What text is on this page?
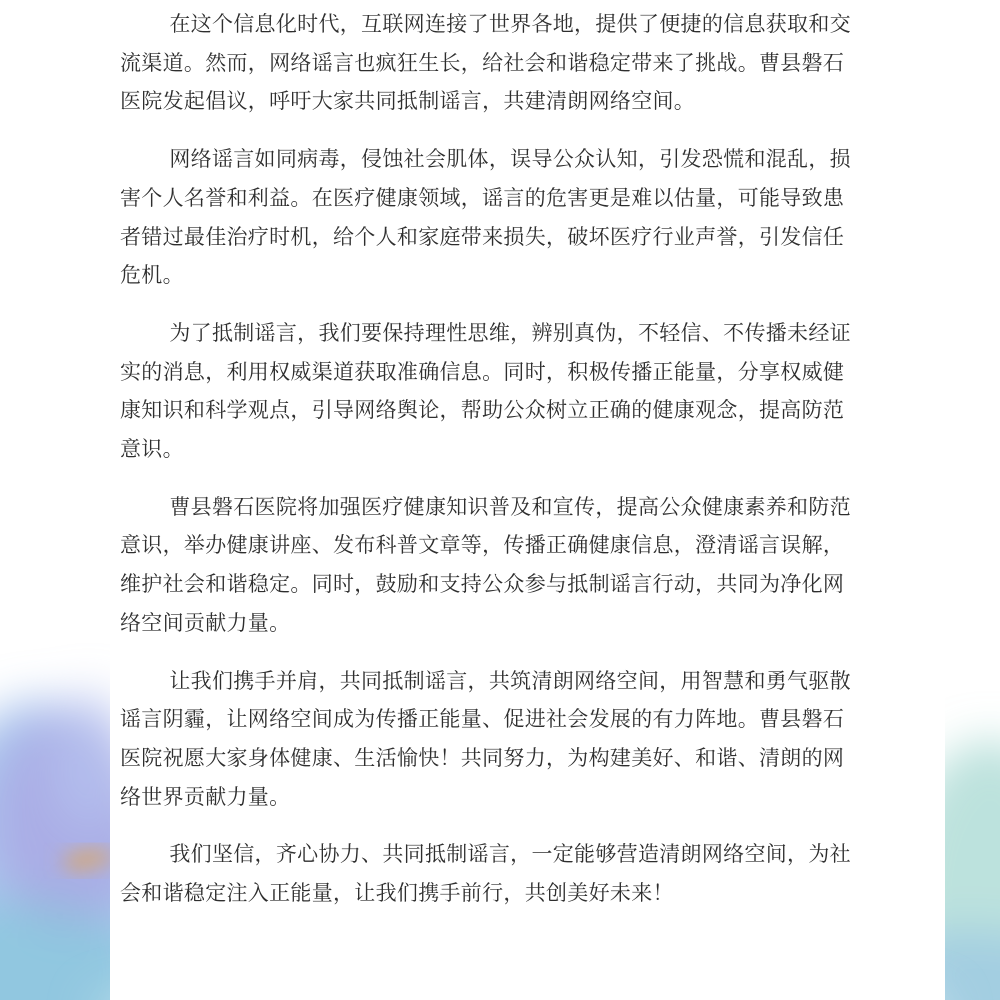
在这个信息化时代，互联网连接了世界各地，提供了便捷的信息获取和交
流渠道。然而，网络谣言也疯狂生长，给社会和谐稳定带来了挑战。曹县磐石
医院发起倡议，呼吁大家共同抵制谣言，共建清朗网络空间。

网络谣言如同病毒，侵蚀社会肌体，误导公众认知，引发恐慌和混乱，损
害个人名誉和利益。在医疗健康领域，谣言的危害更是难以估量，可能导致患
者错过最佳治疗时机，给个人和家庭带来损失，破坏医疗行业声誉，引发信任
危机。

为了抵制谣言，我们要保持理性思维，辨别真伪，不轻信、不传播未经证
实的消息，利用权威渠道获取准确信息。同时，积极传播正能量，分享权威健
康知识和科学观点，引导网络舆论，帮助公众树立正确的健康观念，提高防范
意识。

曹县磐石医院将加强医疗健康知识普及和宣传，提高公众健康素养和防范
意识，举办健康讲座、发布科普文章等，传播正确健康信息，澄清谣言误解，
维护社会和谐稳定。同时，鼓励和支持公众参与抵制谣言行动，共同为净化网
络空间贡献力量。

让我们携手并肩，共同抵制谣言，共筑清朗网络空间，用智慧和勇气驱散
谣言阴霾，让网络空间成为传播正能量、促进社会发展的有力阵地。曹县磐石
医院祝愿大家身体健康、生活愉快！共同努力，为构建美好、和谐、清朗的网
络世界贡献力量。

我们坚信，齐心协力、共同抵制谣言，一定能够营造清朗网络空间，为社
会和谐稳定注入正能量，让我们携手前行，共创美好未来！
